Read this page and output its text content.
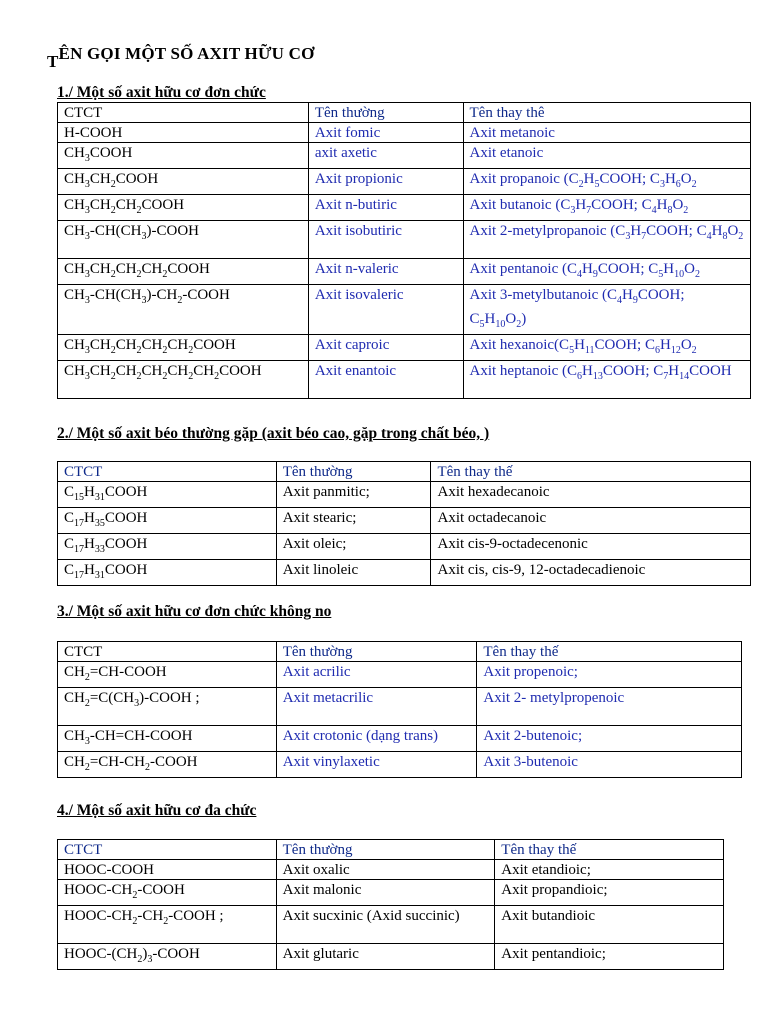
TÊN GỌI MỘT SỐ AXIT HỮU CƠ
1./ Một số axit hữu cơ đơn chức
CTCT	Tên thường	Tên thay thê
H-COOH	Axit fomic	Axit metanoic
$CH_3COOH$	axit axetic	Axit etanoic
$CH_3CH_2COOH$	Axit propionic	Axit propanoic ($C_2H_5COOH$; $C_3H_6O_2$
$CH_3CH_2CH_2COOH$	Axit n-butiric	Axit butanoic ($C_3H_7COOH$; $C_4H_8O_2$
$CH_3-CH(CH_3)$-COOH	Axit isobutiric	Axit 2-metylpropanoic ($C_3H_7COOH$; $C_4H_8O_2$
$CH_3CH_2CH_2CH_2COOH$	Axit n-valeric	Axit pentanoic ($C_4H_9COOH$; $C_5H_{10}O_2$
$CH_3-CH(CH_3)-CH_2$-COOH	Axit isovaleric	Axit 3-metylbutanoic ($C_4H_9COOH$; $C_5H_{10}O_2$)
$CH_3CH_2CH_2CH_2CH_2COOH$	Axit caproic	Axit $hexanoic(C_5H_{11}COOH$; $C_6H_{12}O_2$
$CH_3CH_2CH_2CH_2CH_2CH_2COOH$	Axit enantoic	Axit heptanoic ($C_6H_{13}COOH$; $C_7H_{14}COOH$
2./ Một số axit béo thường gặp (axit béo cao, gặp trong chất béo, )
CTCT	Tên thường	Tên thay thế
$C_{15}H_{31}COOH$	Axit panmitic;	Axit hexadecanoic
$C_{17}H_{35}COOH$	Axit stearic;	Axit octadecanoic
$C_{17}H_{33}COOH$	Axit oleic;	Axit cis-9-octadecenonic
$C_{17}H_{31}COOH$	Axit linoleic	Axit cis, cis-9, 12-octadecadienoic
3./ Một số axit hữu cơ đơn chức không no
CTCT	Tên thường	Tên thay thế
$CH_2=CH$-COOH	Axit acrilic	Axit propenoic;
$CH_2=C(CH_3)$-COOH ;	Axit metacrilic	Axit 2- metylpropenoic
$CH_3-CH=CH$-COOH	Axit crotonic (dạng trans)	Axit 2-butenoic;
$CH_2=CH-CH_2$-COOH	Axit vinylaxetic	Axit 3-butenoic
4./ Một số axit hữu cơ đa chức
CTCT	Tên thường	Tên thay thế
HOOC-COOH	Axit oxalic	Axit etandioic;
HOOC-$CH_2$-COOH	Axit malonic	Axit propandioic;
HOOC-$CH_2-CH_2$-COOH ;	Axit sucxinic (Axid succinic)	Axit butandioic
HOOC-$(CH_2)_3$-COOH	Axit glutaric	Axit pentandioic;
